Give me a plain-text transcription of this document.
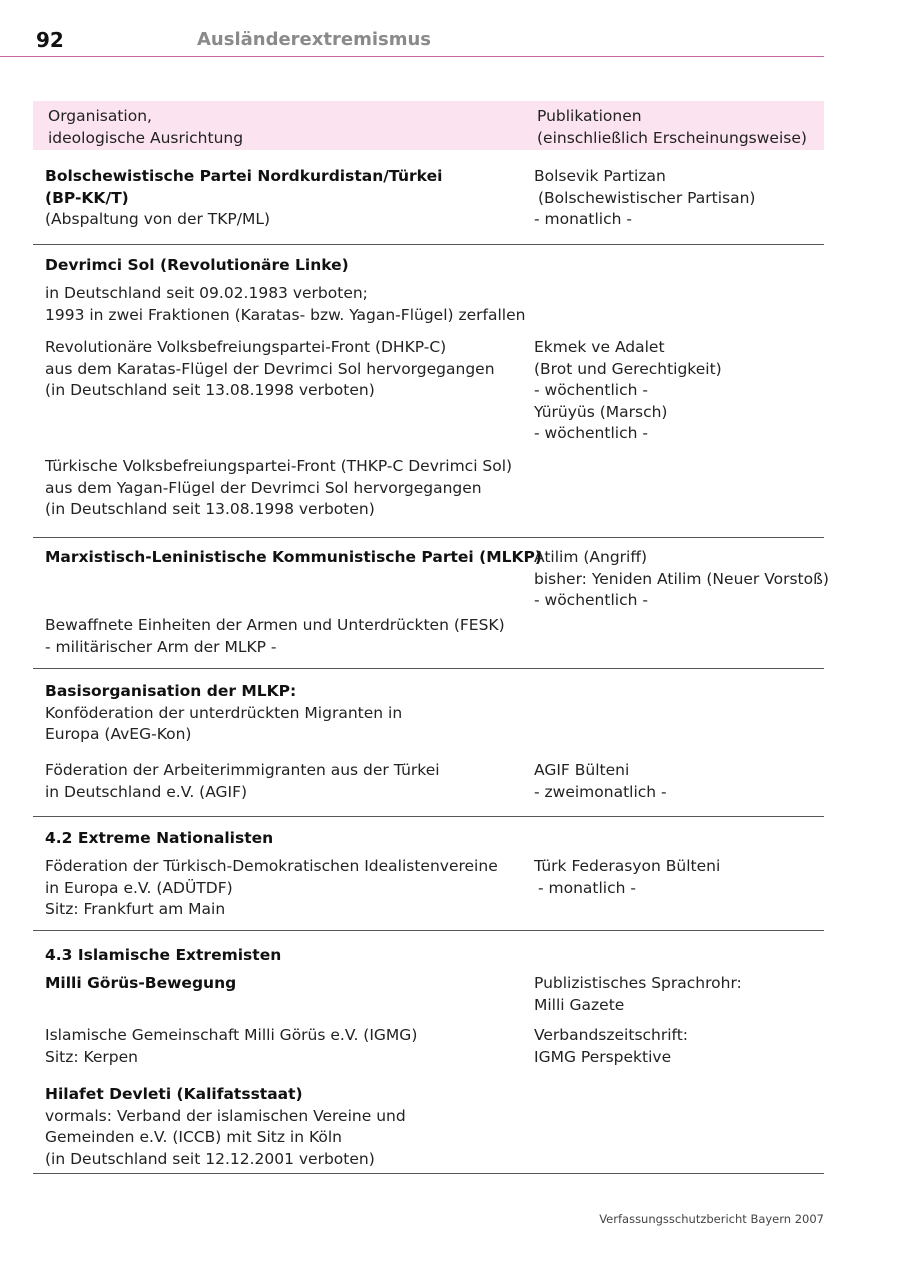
92	Ausländerextremismus
Organisation,
ideologische Ausrichtung
Publikationen
(einschließlich Erscheinungsweise)
Bolschewistische Partei Nordkurdistan/Türkei
(BP-KK/T)
(Abspaltung von der TKP/ML)
Bolsevik Partizan
(Bolschewistischer Partisan)
- monatlich -
Devrimci Sol (Revolutionäre Linke)
in Deutschland seit 09.02.1983 verboten;
1993 in zwei Fraktionen (Karatas- bzw. Yagan-Flügel) zerfallen
Revolutionäre Volksbefreiungspartei-Front (DHKP-C)
aus dem Karatas-Flügel der Devrimci Sol hervorgegangen
(in Deutschland seit 13.08.1998 verboten)
Ekmek ve Adalet
(Brot und Gerechtigkeit)
- wöchentlich -
Yürüyüs (Marsch)
- wöchentlich -
Türkische Volksbefreiungspartei-Front (THKP-C Devrimci Sol)
aus dem Yagan-Flügel der Devrimci Sol hervorgegangen
(in Deutschland seit 13.08.1998 verboten)
Marxistisch-Leninistische Kommunistische Partei (MLKP)
Atilim (Angriff)
bisher: Yeniden Atilim (Neuer Vorstoß)
- wöchentlich -
Bewaffnete Einheiten der Armen und Unterdrückten (FESK)
- militärischer Arm der MLKP -
Basisorganisation der MLKP:
Konföderation der unterdrückten Migranten in
Europa (AvEG-Kon)
Föderation der Arbeiterimmigranten aus der Türkei
in Deutschland e.V. (AGIF)
AGIF Bülteni
- zweimonatlich -
4.2 Extreme Nationalisten
Föderation der Türkisch-Demokratischen Idealistenvereine
in Europa e.V. (ADÜTDF)
Sitz: Frankfurt am Main
Türk Federasyon Bülteni
- monatlich -
4.3 Islamische Extremisten
Milli Görüs-Bewegung	Publizistisches Sprachrohr:
Milli Gazete
Islamische Gemeinschaft Milli Görüs e.V. (IGMG)
Sitz: Kerpen
Verbandszeitschrift:
IGMG Perspektive
Hilafet Devleti (Kalifatsstaat)
vormals: Verband der islamischen Vereine und
Gemeinden e.V. (ICCB) mit Sitz in Köln
(in Deutschland seit 12.12.2001 verboten)
Verfassungsschutzbericht Bayern 2007
